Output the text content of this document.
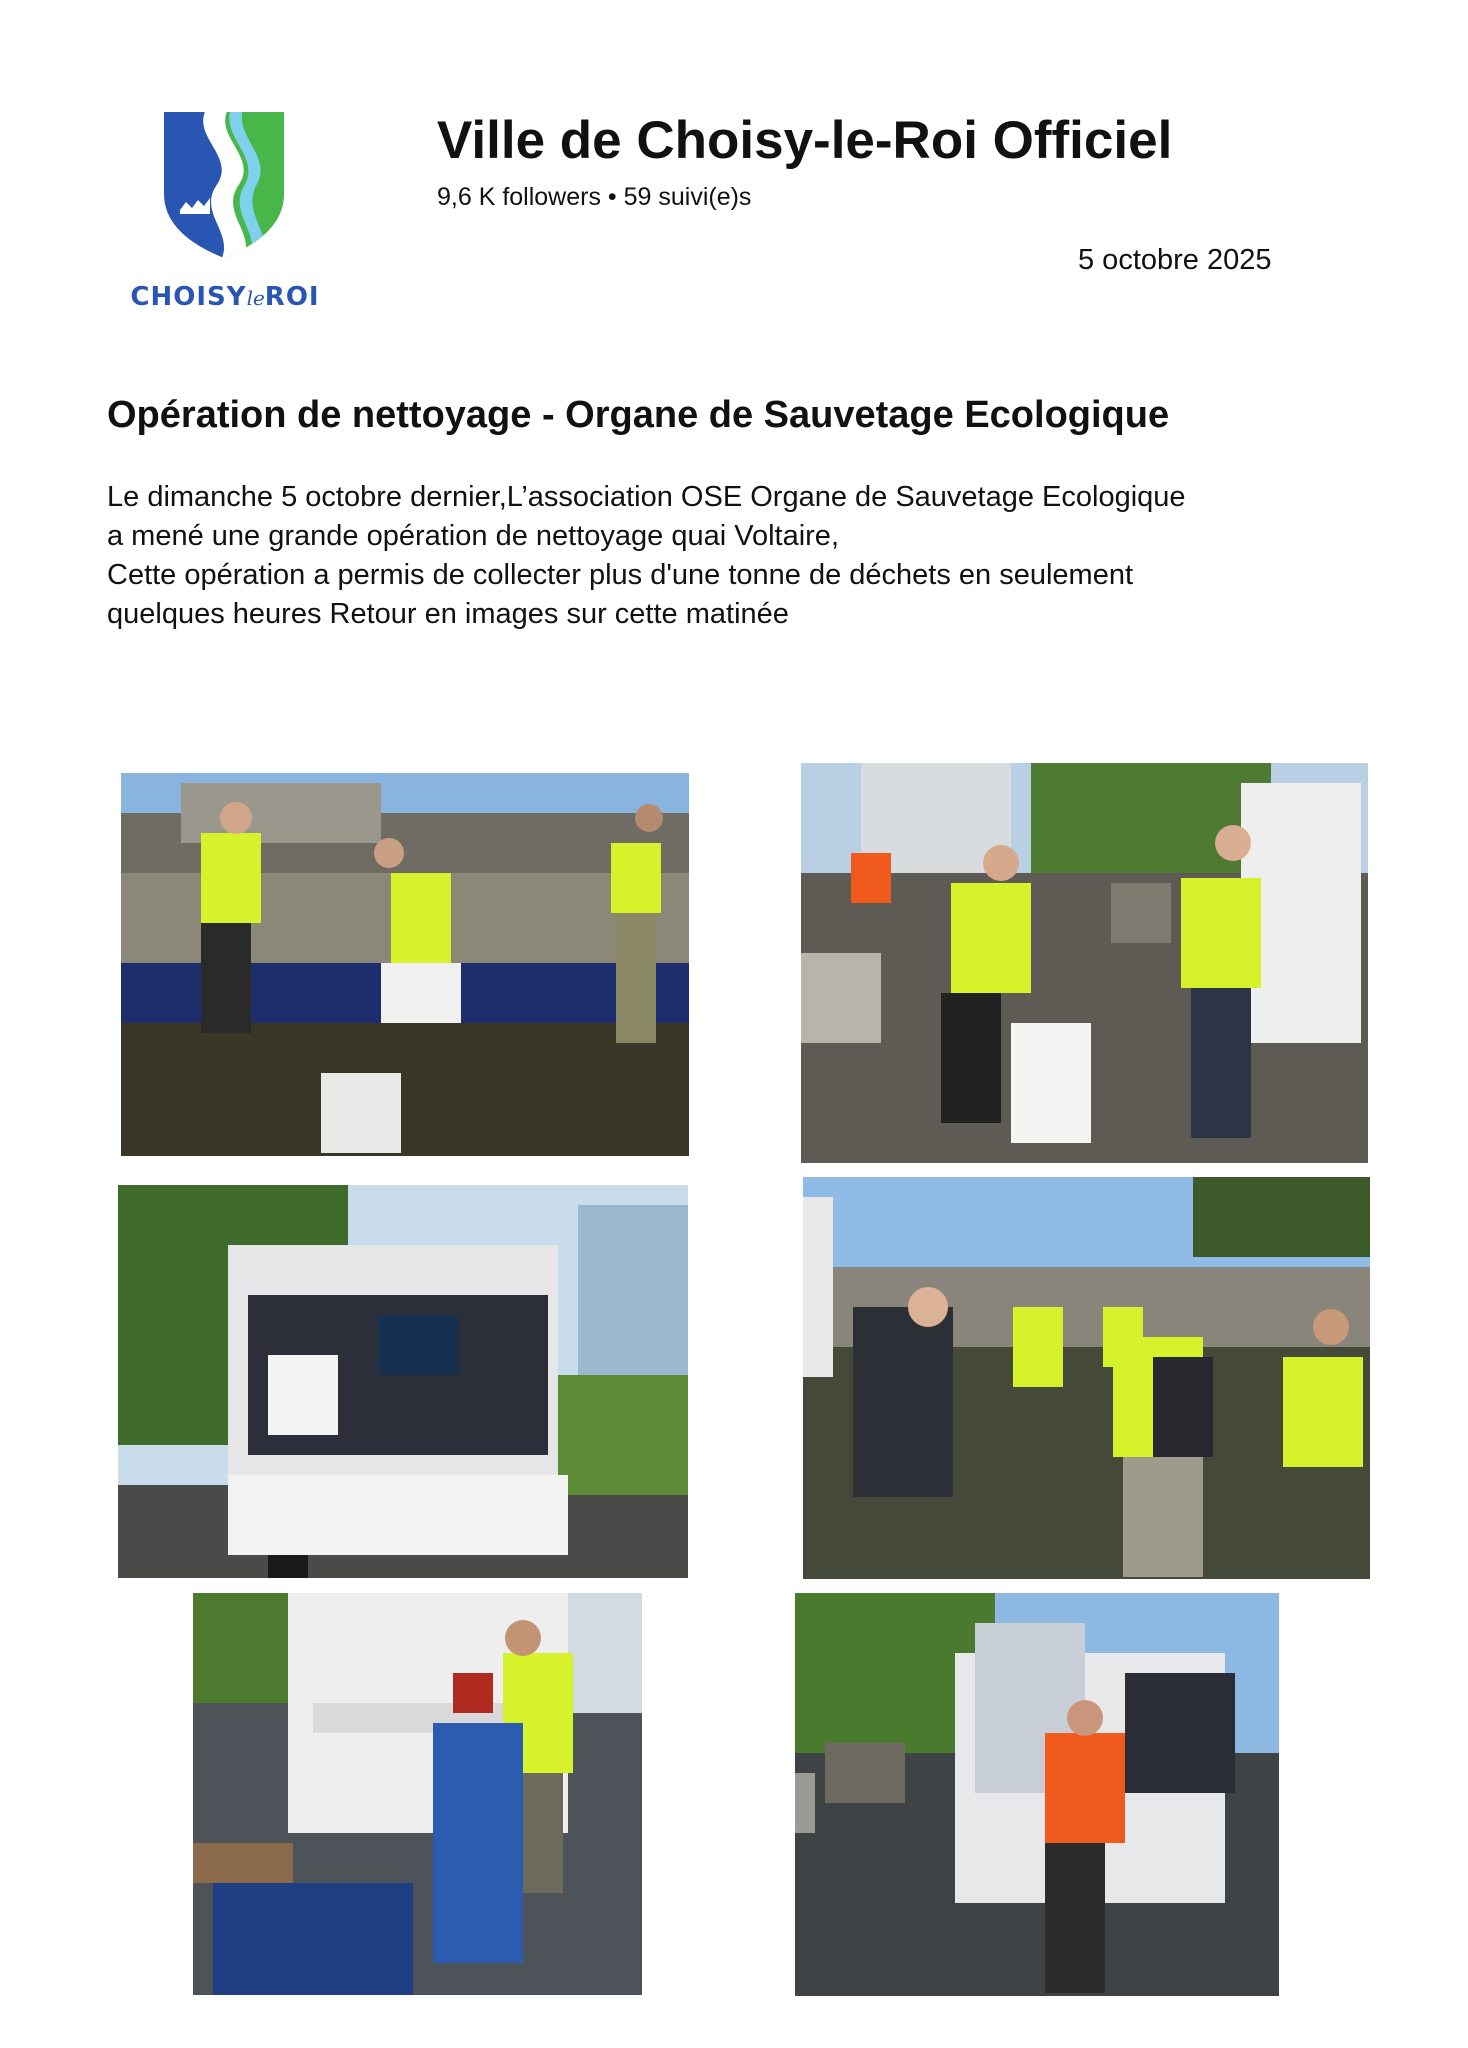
CHOISYleROI
Ville de Choisy-le-Roi Officiel
9,6 K followers • 59 suivi(e)s
5 octobre 2025
Opération de nettoyage - Organe de Sauvetage Ecologique

Le dimanche 5 octobre dernier,L’association OSE Organe de Sauvetage Ecologique

a mené une grande opération de nettoyage quai Voltaire,

Cette opération a permis de collecter plus d'une tonne de déchets en seulement

quelques heures Retour en images sur cette matinée
